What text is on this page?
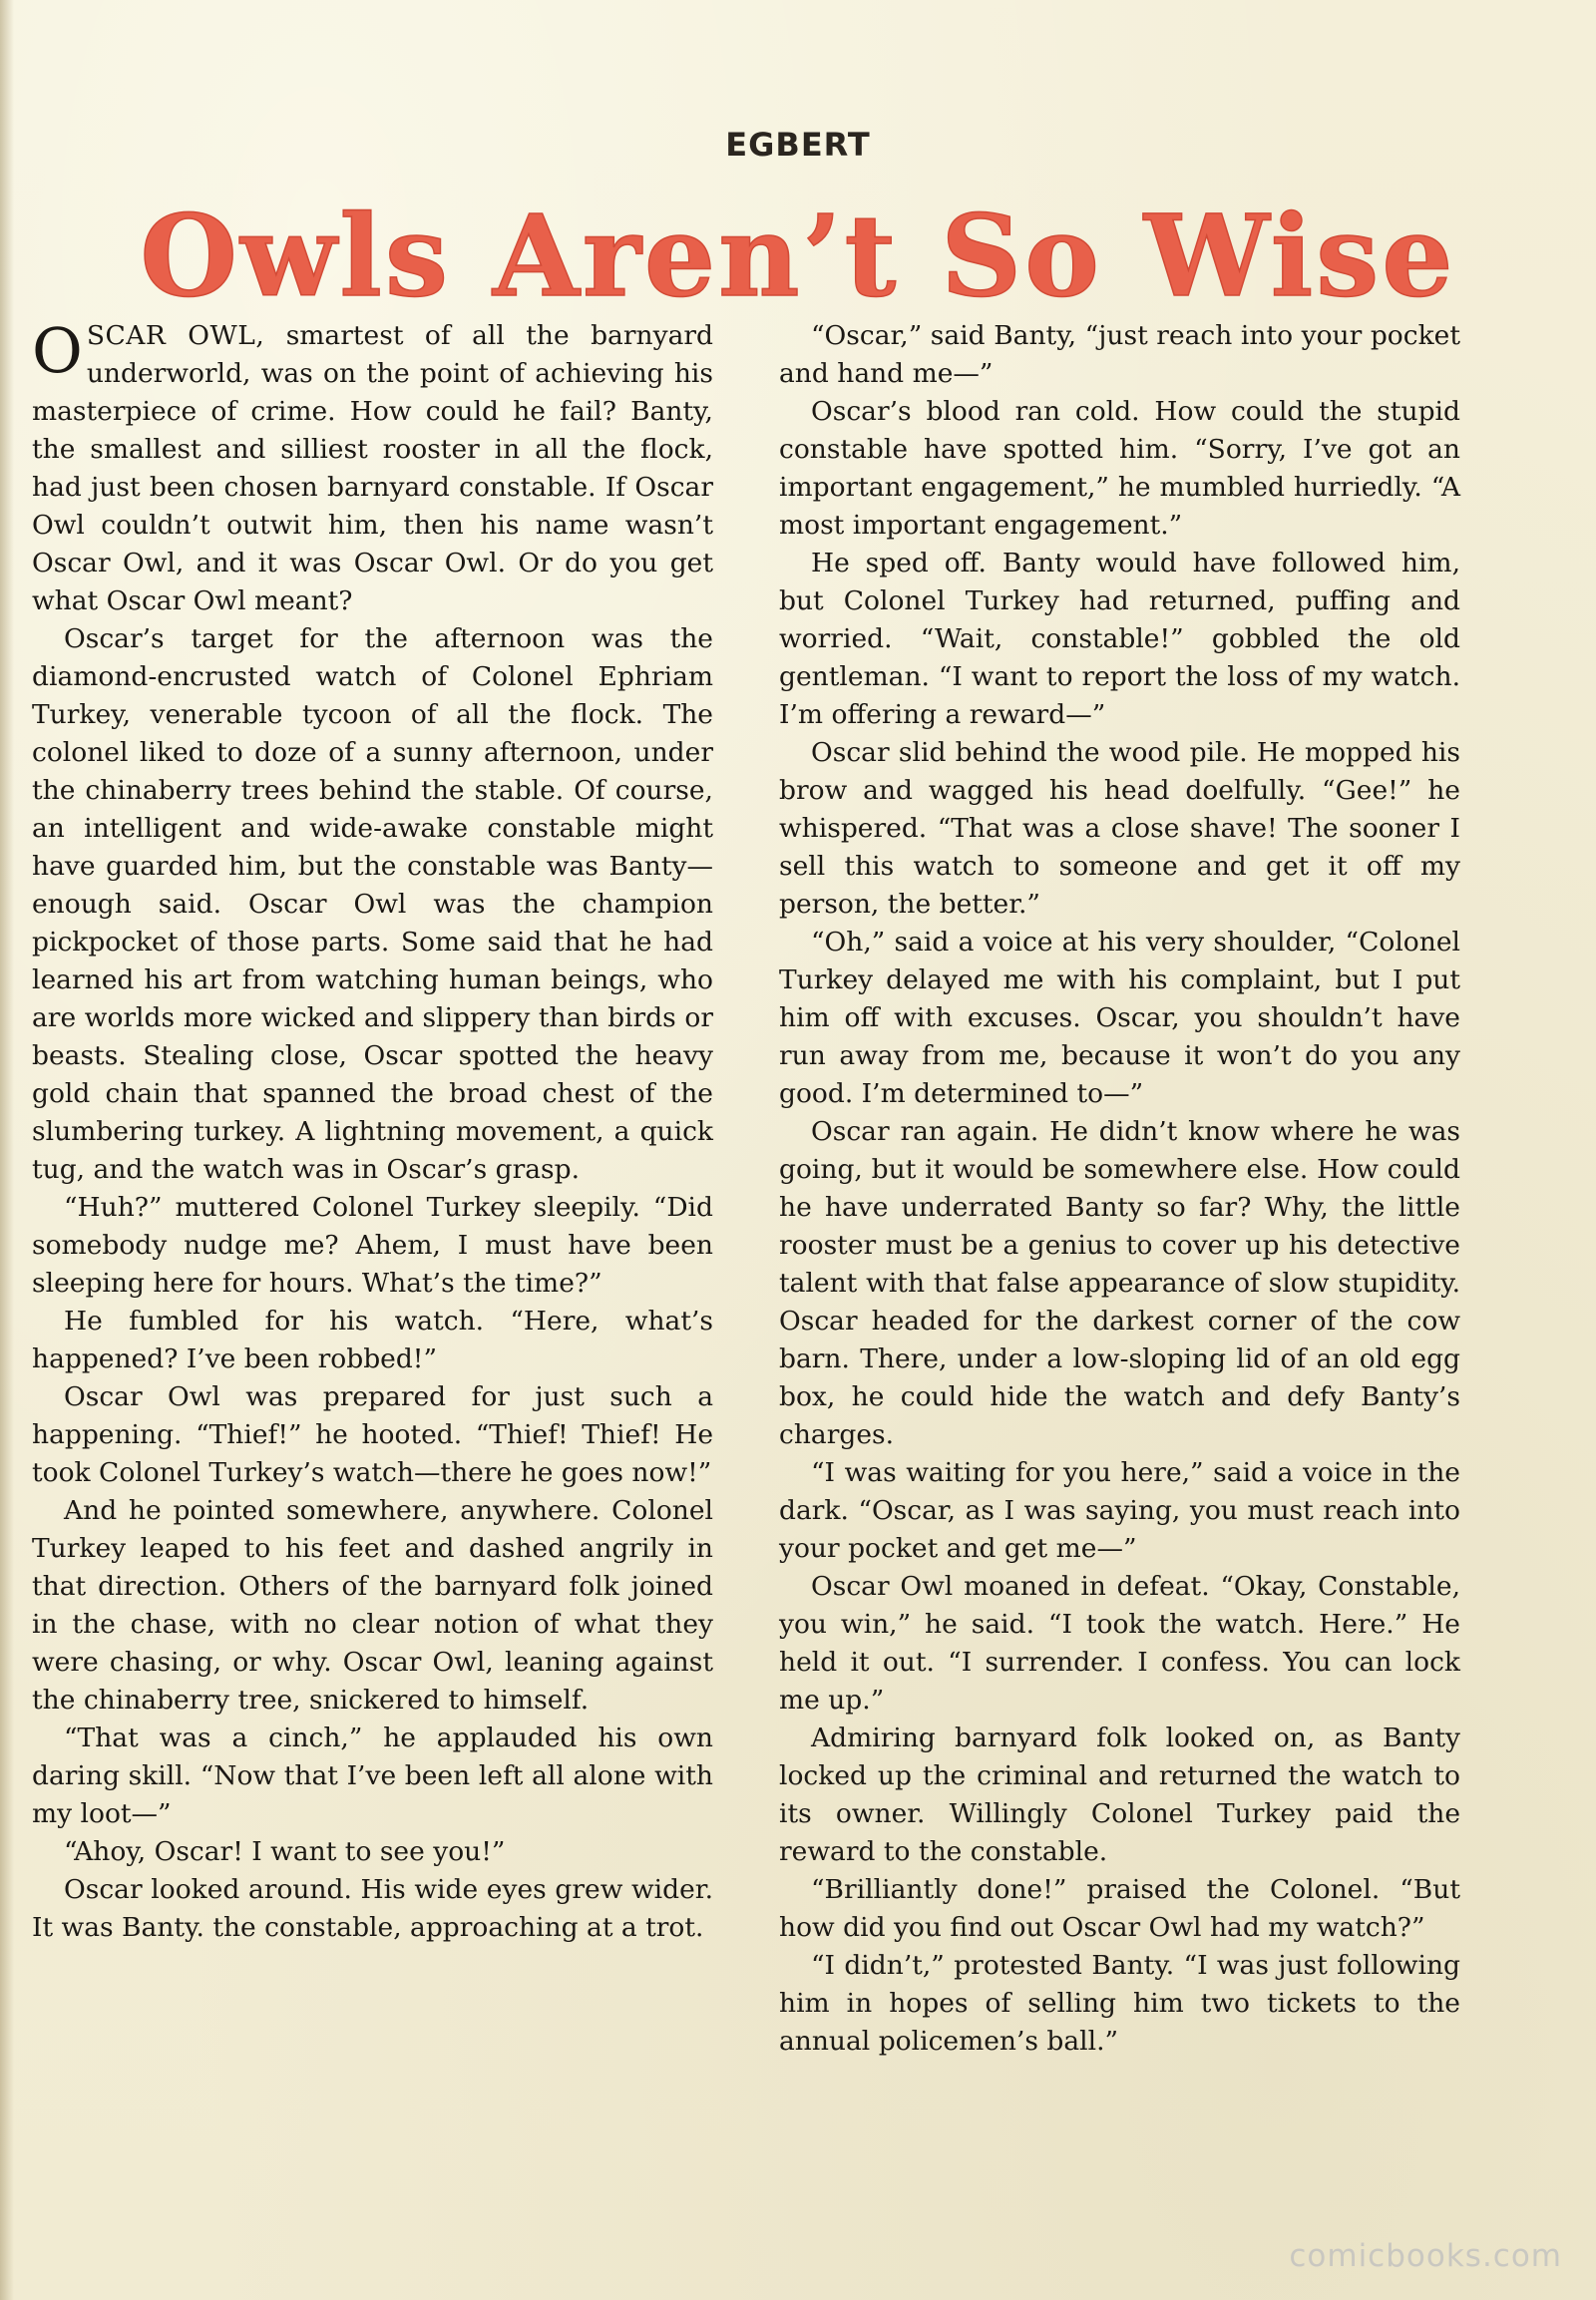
EGBERT
Owls Aren’t So Wise

OSCAR OWL, smartest of all the barnyard underworld, was on the point of achieving his masterpiece of crime. How could he fail? Banty, the smallest and silliest rooster in all the flock, had just been chosen barnyard constable. If Oscar Owl couldn’t outwit him, then his name wasn’t Oscar Owl, and it was Oscar Owl. Or do you get what Oscar Owl meant?

Oscar’s target for the afternoon was the diamond-encrusted watch of Colonel Ephriam Turkey, venerable tycoon of all the flock. The colonel liked to doze of a sunny afternoon, under the chinaberry trees behind the stable. Of course, an intelligent and wide-awake constable might have guarded him, but the constable was Banty—enough said. Oscar Owl was the champion pickpocket of those parts. Some said that he had learned his art from watching human beings, who are worlds more wicked and slippery than birds or beasts. Stealing close, Oscar spotted the heavy gold chain that spanned the broad chest of the slumbering turkey. A lightning movement, a quick tug, and the watch was in Oscar’s grasp.

“Huh?” muttered Colonel Turkey sleepily. “Did somebody nudge me? Ahem, I must have been sleeping here for hours. What’s the time?”

He fumbled for his watch. “Here, what’s happened? I’ve been robbed!”

Oscar Owl was prepared for just such a happening. “Thief!” he hooted. “Thief! Thief! He took Colonel Turkey’s watch—there he goes now!”

And he pointed somewhere, anywhere. Colonel Turkey leaped to his feet and dashed angrily in that direction. Others of the barnyard folk joined in the chase, with no clear notion of what they were chasing, or why. Oscar Owl, leaning against the chinaberry tree, snickered to himself.

“That was a cinch,” he applauded his own daring skill. “Now that I’ve been left all alone with my loot—”

“Ahoy, Oscar! I want to see you!”

Oscar looked around. His wide eyes grew wider. It was Banty. the constable, approaching at a trot.

“Oscar,” said Banty, “just reach into your pocket and hand me—”

Oscar’s blood ran cold. How could the stupid constable have spotted him. “Sorry, I’ve got an important engagement,” he mumbled hurriedly. “A most important engagement.”

He sped off. Banty would have followed him, but Colonel Turkey had returned, puffing and worried. “Wait, constable!” gobbled the old gentleman. “I want to report the loss of my watch. I’m offering a reward—”

Oscar slid behind the wood pile. He mopped his brow and wagged his head doelfully. “Gee!” he whispered. “That was a close shave! The sooner I sell this watch to someone and get it off my person, the better.”

“Oh,” said a voice at his very shoulder, “Colonel Turkey delayed me with his complaint, but I put him off with excuses. Oscar, you shouldn’t have run away from me, because it won’t do you any good. I’m determined to—”

Oscar ran again. He didn’t know where he was going, but it would be somewhere else. How could he have underrated Banty so far? Why, the little rooster must be a genius to cover up his detective talent with that false appearance of slow stupidity. Oscar headed for the darkest corner of the cow barn. There, under a low-sloping lid of an old egg box, he could hide the watch and defy Banty’s charges.

“I was waiting for you here,” said a voice in the dark. “Oscar, as I was saying, you must reach into your pocket and get me—”

Oscar Owl moaned in defeat. “Okay, Constable, you win,” he said. “I took the watch. Here.” He held it out. “I surrender. I confess. You can lock me up.”

Admiring barnyard folk looked on, as Banty locked up the criminal and returned the watch to its owner. Willingly Colonel Turkey paid the reward to the constable.

“Brilliantly done!” praised the Colonel. “But how did you find out Oscar Owl had my watch?”

“I didn’t,” protested Banty. “I was just following him in hopes of selling him two tickets to the annual policemen’s ball.”

comicbooks.com
